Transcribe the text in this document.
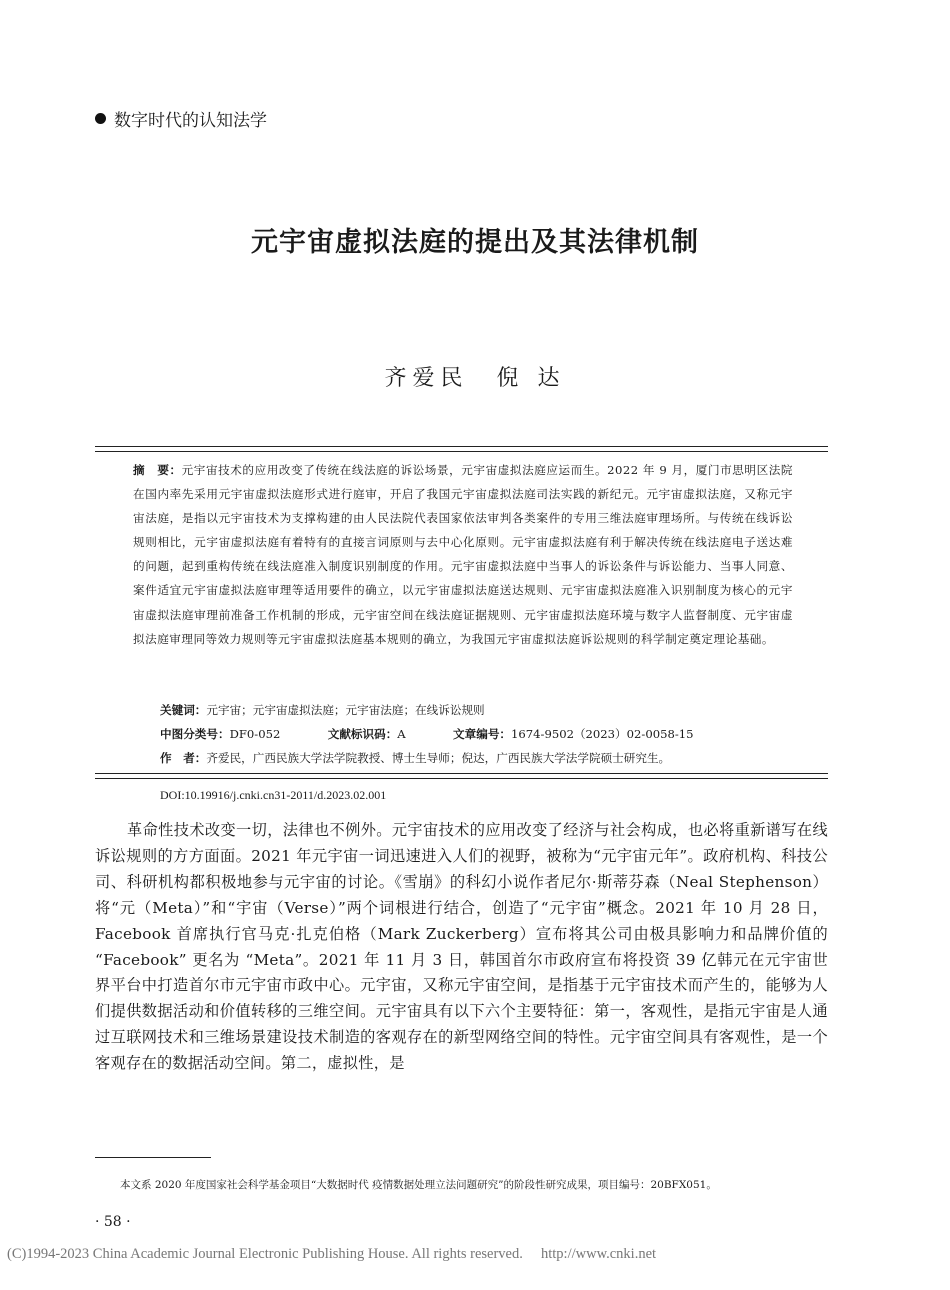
数字时代的认知法学
元宇宙虚拟法庭的提出及其法律机制
齐爱民　倪 达
摘　要：元宇宙技术的应用改变了传统在线法庭的诉讼场景，元宇宙虚拟法庭应运而生。2022 年 9 月，厦门市思明区法院在国内率先采用元宇宙虚拟法庭形式进行庭审，开启了我国元宇宙虚拟法庭司法实践的新纪元。元宇宙虚拟法庭，又称元宇宙法庭，是指以元宇宙技术为支撑构建的由人民法院代表国家依法审判各类案件的专用三维法庭审理场所。与传统在线诉讼规则相比，元宇宙虚拟法庭有着特有的直接言词原则与去中心化原则。元宇宙虚拟法庭有利于解决传统在线法庭电子送达难的问题，起到重构传统在线法庭准入制度识别制度的作用。元宇宙虚拟法庭中当事人的诉讼条件与诉讼能力、当事人同意、案件适宜元宇宙虚拟法庭审理等适用要件的确立，以元宇宙虚拟法庭送达规则、元宇宙虚拟法庭准入识别制度为核心的元宇宙虚拟法庭审理前准备工作机制的形成，元宇宙空间在线法庭证据规则、元宇宙虚拟法庭环境与数字人监督制度、元宇宙虚拟法庭审理同等效力规则等元宇宙虚拟法庭基本规则的确立，为我国元宇宙虚拟法庭诉讼规则的科学制定奠定理论基础。
关键词：元宇宙；元宇宙虚拟法庭；元宇宙法庭；在线诉讼规则
中图分类号：DF0-052	文献标识码：A	文章编号：1674-9502（2023）02-0058-15
作　者：齐爱民，广西民族大学法学院教授、博士生导师；倪达，广西民族大学法学院硕士研究生。
DOI:10.19916/j.cnki.cn31-2011/d.2023.02.001
革命性技术改变一切，法律也不例外。元宇宙技术的应用改变了经济与社会构成，也必将重新谱写在线诉讼规则的方方面面。2021 年元宇宙一词迅速进入人们的视野，被称为“元宇宙元年”。政府机构、科技公司、科研机构都积极地参与元宇宙的讨论。《雪崩》的科幻小说作者尼尔·斯蒂芬森（Neal Stephenson）将“元（Meta）”和“宇宙（Verse）”两个词根进行结合，创造了“元宇宙”概念。2021 年 10 月 28 日，Facebook 首席执行官马克·扎克伯格（Mark Zuckerberg）宣布将其公司由极具影响力和品牌价值的 “Facebook” 更名为 “Meta”。2021 年 11 月 3 日，韩国首尔市政府宣布将投资 39 亿韩元在元宇宙世界平台中打造首尔市元宇宙市政中心。元宇宙，又称元宇宙空间，是指基于元宇宙技术而产生的，能够为人们提供数据活动和价值转移的三维空间。元宇宙具有以下六个主要特征：第一，客观性，是指元宇宙是人通过互联网技术和三维场景建设技术制造的客观存在的新型网络空间的特性。元宇宙空间具有客观性，是一个客观存在的数据活动空间。第二，虚拟性，是
本文系 2020 年度国家社会科学基金项目“大数据时代 疫情数据处理立法问题研究”的阶段性研究成果，项目编号：20BFX051。
· 58 ·
(C)1994-2023 China Academic Journal Electronic Publishing House. All rights reserved.　 http://www.cnki.net
